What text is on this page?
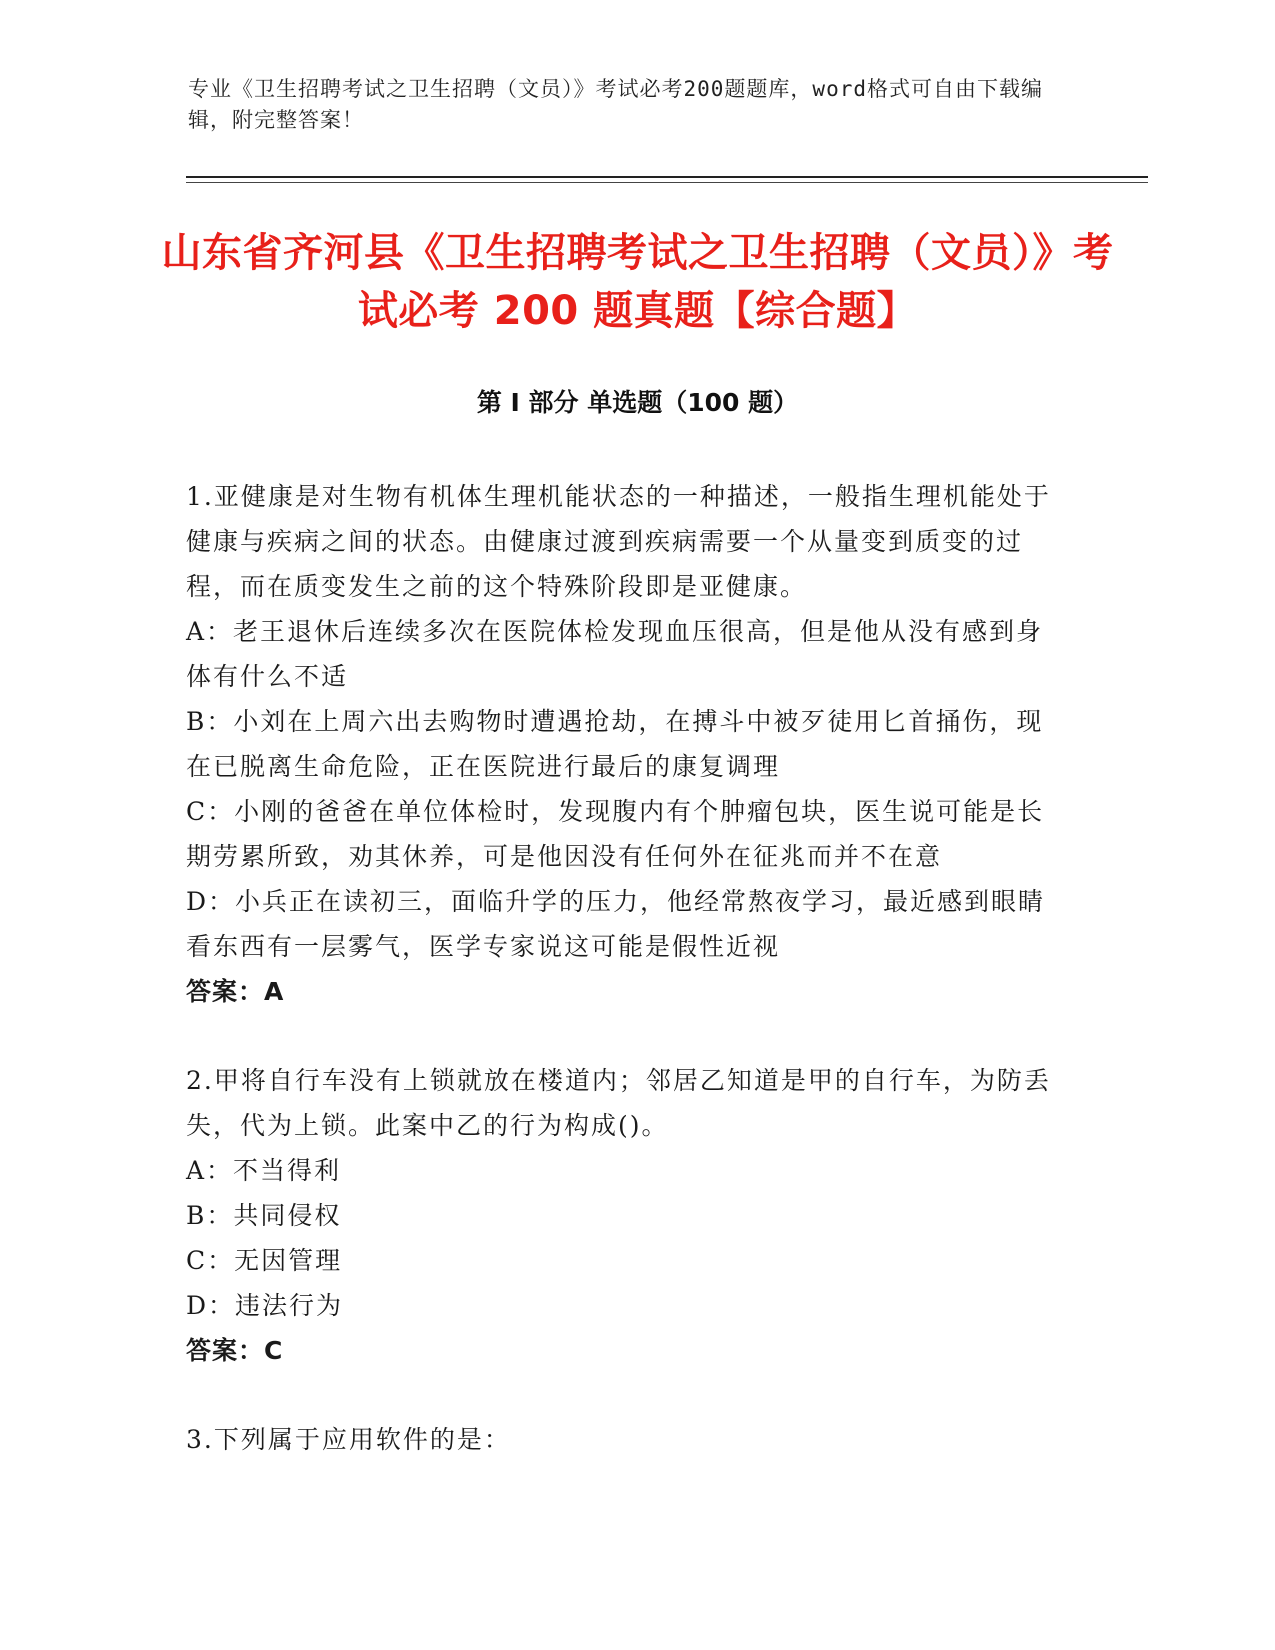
专业《卫生招聘考试之卫生招聘（文员）》考试必考200题题库，word格式可自由下载编辑，附完整答案！
山东省齐河县《卫生招聘考试之卫生招聘（文员）》考试必考 200 题真题【综合题】
第 I 部分 单选题（100 题）

1.亚健康是对生物有机体生理机能状态的一种描述，一般指生理机能处于健康与疾病之间的状态。由健康过渡到疾病需要一个从量变到质变的过程，而在质变发生之前的这个特殊阶段即是亚健康。

A：老王退休后连续多次在医院体检发现血压很高，但是他从没有感到身体有什么不适

B：小刘在上周六出去购物时遭遇抢劫，在搏斗中被歹徒用匕首捅伤，现在已脱离生命危险，正在医院进行最后的康复调理

C：小刚的爸爸在单位体检时，发现腹内有个肿瘤包块，医生说可能是长期劳累所致，劝其休养，可是他因没有任何外在征兆而并不在意

D：小兵正在读初三，面临升学的压力，他经常熬夜学习，最近感到眼睛看东西有一层雾气，医学专家说这可能是假性近视

答案：A

2.甲将自行车没有上锁就放在楼道内；邻居乙知道是甲的自行车，为防丢失，代为上锁。此案中乙的行为构成()。

A：不当得利

B：共同侵权

C：无因管理

D：违法行为

答案：C

3.下列属于应用软件的是：
